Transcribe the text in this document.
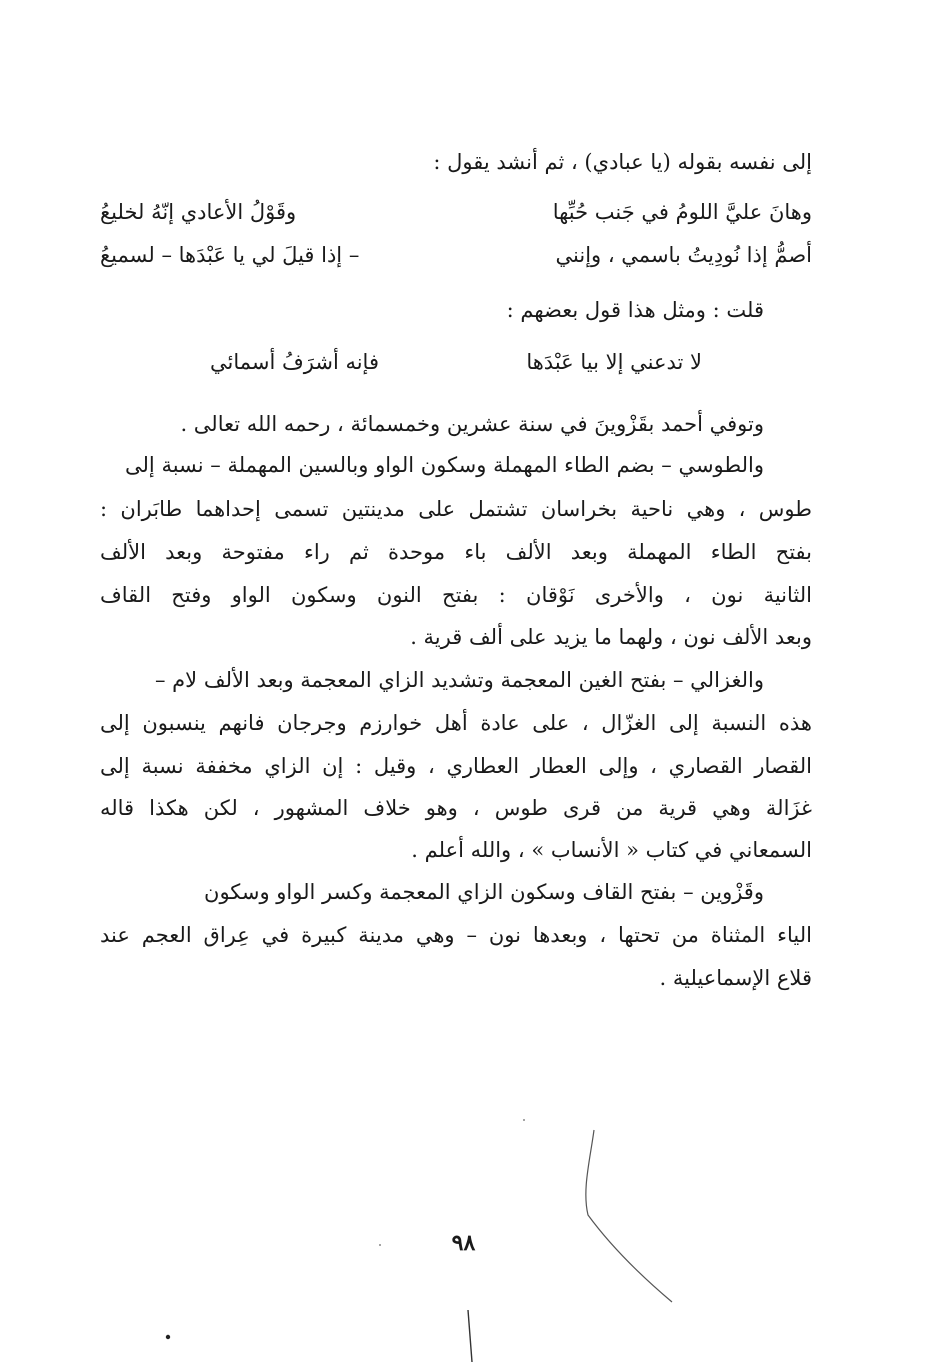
إلى نفسه بقوله (يا عبادي) ، ثم أنشد يقول :
وهانَ عليَّ اللومُ في جَنب حُبِّها
وقَوْلُ الأعادي إنّهُ لخليعُ
أصمُّ إذا نُودِيتُ باسمي ، وإنني
– إذا قيلَ لي يا عَبْدَها – لسميعُ
قلت : ومثل هذا قول بعضهم :
لا تدعني إلا بيا عَبْدَها
فإنه أشرَفُ أسمائي
وتوفي أحمد بقَزْوينَ في سنة عشرين وخمسمائة ، رحمه الله تعالى .
والطوسي – بضم الطاء المهملة وسكون الواو وبالسين المهملة – نسبة إلى
طوس ، وهي ناحية بخراسان تشتمل على مدينتين تسمى إحداهما طابَران :
بفتح الطاء المهملة وبعد الألف باء موحدة ثم راء مفتوحة وبعد الألف
الثانية نون ، والأخرى نَوْقان : بفتح النون وسكون الواو وفتح القاف
وبعد الألف نون ، ولهما ما يزيد على ألف قرية .
والغزالي – بفتح الغين المعجمة وتشديد الزاي المعجمة وبعد الألف لام –
هذه النسبة إلى الغزّال ، على عادة أهل خوارزم وجرجان فانهم ينسبون إلى
القصار القصاري ، وإلى العطار العطاري ، وقيل : إن الزاي مخففة نسبة إلى
غزَالة وهي قرية من قرى طوس ، وهو خلاف المشهور ، لكن هكذا قاله
السمعاني في كتاب « الأنساب » ، والله أعلم .
وقَزْوين – بفتح القاف وسكون الزاي المعجمة وكسر الواو وسكون
الياء المثناة من تحتها ، وبعدها نون – وهي مدينة كبيرة في عِراق العجم عند
قلاع الإسماعيلية .
٩٨
